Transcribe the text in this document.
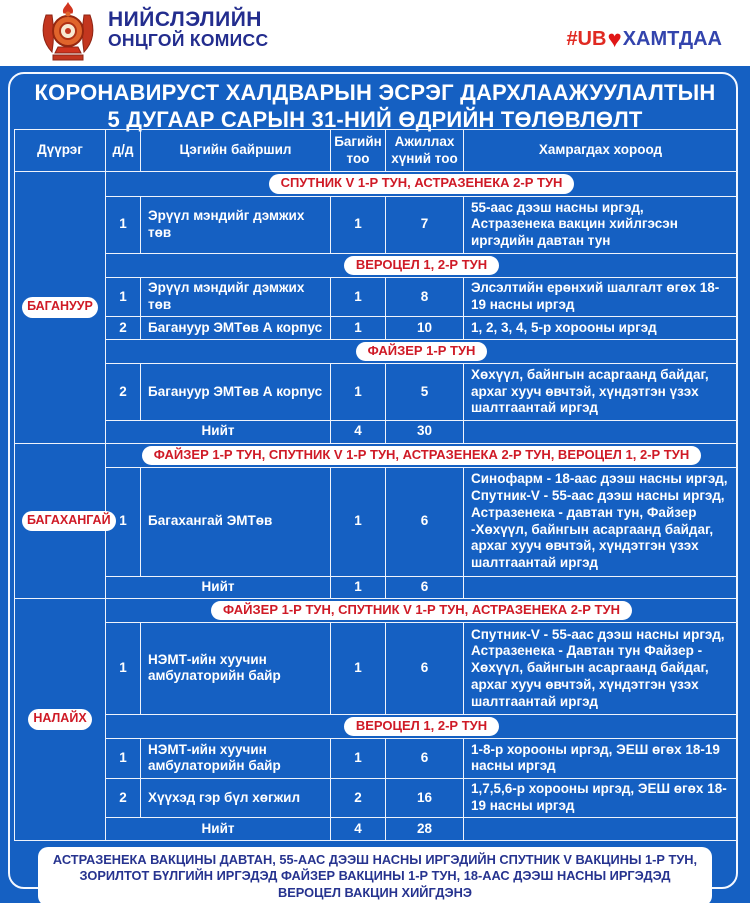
НИЙСЛЭЛИЙН
ОНЦГОЙ КОМИСС	#UB♥ХАМТДАА
КОРОНАВИРУСТ ХАЛДВАРЫН ЭСРЭГ ДАРХЛААЖУУЛАЛТЫН
5 ДУГААР САРЫН 31-НИЙ ӨДРИЙН ТӨЛӨВЛӨЛТ
Дүүрэг	д/д	Цэгийн байршил	Багийн тоо	Ажиллах хүний тоо	Хамрагдах хороод
БАГАНУУР	СПУТНИК V 1-Р ТУН, АСТРАЗЕНЕКА 2-Р ТУН				
	1	Эрүүл мэндийг дэмжих төв	1	7	55-аас дээш насны иргэд, Астразенека вакцин хийлгэсэн иргэдийн давтан тун
	ВЕРОЦЕЛ 1, 2-Р ТУН				
	1	Эрүүл мэндийг дэмжих төв	1	8	Элсэлтийн ерөнхий шалгалт өгөх 18-19 насны иргэд
	2	Багануур ЭМТөв А корпус	1	10	1, 2, 3, 4, 5-р хорооны иргэд
	ФАЙЗЕР 1-Р ТУН				
	2	Багануур ЭМТөв А корпус	1	5	Хөхүүл, байнгын асаргаанд байдаг, архаг хууч өвчтэй, хүндэтгэн үзэх шалтгаантай иргэд
	Нийт		4	30	
БАГАХАНГАЙ	ФАЙЗЕР 1-Р ТУН, СПУТНИК V 1-Р ТУН, АСТРАЗЕНЕКА 2-Р ТУН, ВЕРОЦЕЛ 1, 2-Р ТУН				
	1	Багахангай ЭМТөв	1	6	Синофарм - 18-аас дээш насны иргэд, Спутник-V - 55-аас дээш насны иргэд, Астразенека - давтан тун, Файзер -Хөхүүл, байнгын асаргаанд байдаг, архаг хууч өвчтэй, хүндэтгэн үзэх шалтгаантай иргэд
	Нийт		1	6	
НАЛАЙХ	ФАЙЗЕР 1-Р ТУН, СПУТНИК V 1-Р ТУН, АСТРАЗЕНЕКА 2-Р ТУН				
	1	НЭМТ-ийн хуучин амбулаторийн байр	1	6	Спутник-V - 55-аас дээш насны иргэд, Астразенека - Давтан тун Файзер - Хөхүүл, байнгын асаргаанд байдаг, архаг хууч өвчтэй, хүндэтгэн үзэх шалтгаантай иргэд
	ВЕРОЦЕЛ 1, 2-Р ТУН				
	1	НЭМТ-ийн хуучин амбулаторийн байр	1	6	1-8-р хорооны иргэд, ЭЕШ өгөх 18-19 насны иргэд
	2	Хүүхэд гэр бүл хөгжил	2	16	1,7,5,6-р хорооны иргэд, ЭЕШ өгөх 18-19 насны иргэд
	Нийт		4	28	
АСТРАЗЕНЕКА ВАКЦИНЫ ДАВТАН, 55-ААС ДЭЭШ НАСНЫ ИРГЭДИЙН СПУТНИК V ВАКЦИНЫ 1-Р ТУН, ЗОРИЛТОТ БҮЛГИЙН ИРГЭДЭД ФАЙЗЕР ВАКЦИНЫ 1-Р ТУН, 18-ААС ДЭЭШ НАСНЫ ИРГЭДЭД ВЕРОЦЕЛ ВАКЦИН ХИЙГДЭНЭ
